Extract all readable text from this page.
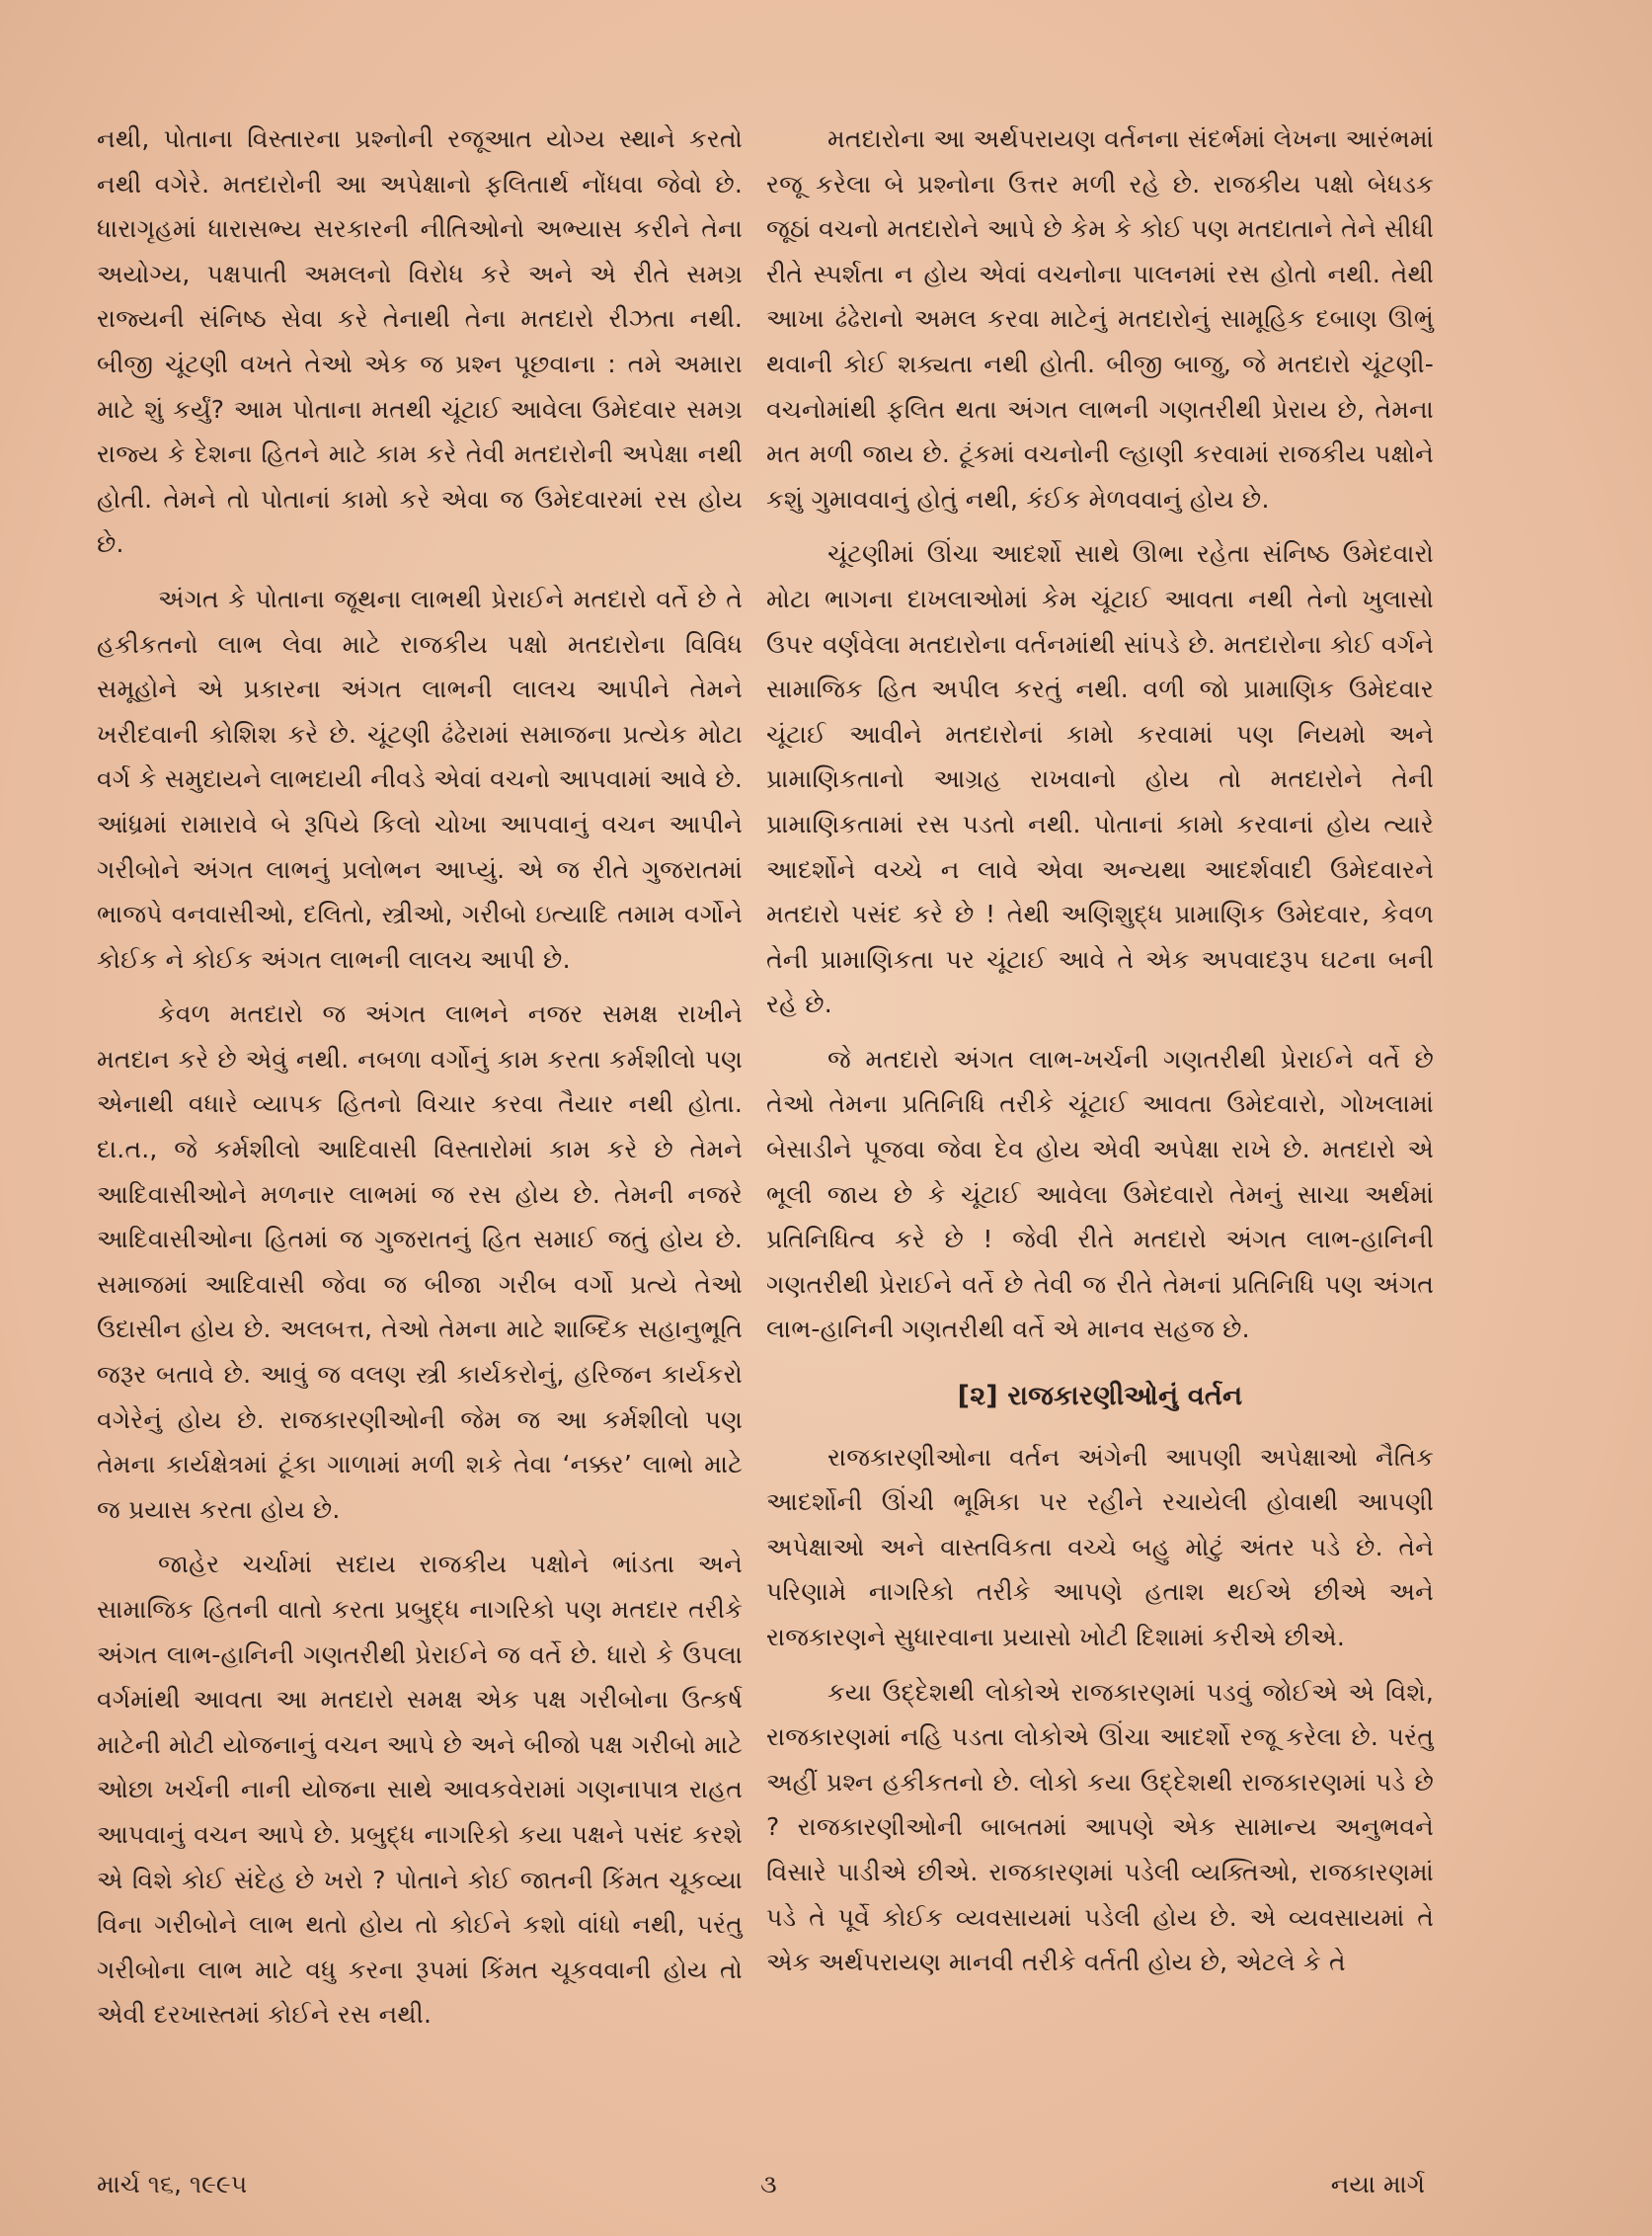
નથી, પોતાના વિસ્તારના પ્રશ્નોની રજૂઆત યોગ્ય સ્થાને કરતો નથી વગેરે. મતદારોની આ અપેક્ષાનો ફલિતાર્થ નોંધવા જેવો છે. ધારાગૃહમાં ધારાસભ્ય સરકારની નીતિઓનો અભ્યાસ કરીને તેના અયોગ્ય, પક્ષપાતી અમલનો વિરોધ કરે અને એ રીતે સમગ્ર રાજ્યની સંનિષ્ઠ સેવા કરે તેનાથી તેના મતદારો રીઝતા નથી. બીજી ચૂંટણી વખતે તેઓ એક જ પ્રશ્ન પૂછવાના : તમે અમારા માટે શું કર્યું? આમ પોતાના મતથી ચૂંટાઈ આવેલા ઉમેદવાર સમગ્ર રાજ્ય કે દેશના હિતને માટે કામ કરે તેવી મતદારોની અપેક્ષા નથી હોતી. તેમને તો પોતાનાં કામો કરે એવા જ ઉમેદવારમાં રસ હોય છે.

અંગત કે પોતાના જૂથના લાભથી પ્રેરાઈને મતદારો વર્તે છે તે હકીકતનો લાભ લેવા માટે રાજકીય પક્ષો મતદારોના વિવિધ સમૂહોને એ પ્રકારના અંગત લાભની લાલચ આપીને તેમને ખરીદવાની કોશિશ કરે છે. ચૂંટણી ઢંઢેરામાં સમાજના પ્રત્યેક મોટા વર્ગ કે સમુદાયને લાભદાયી નીવડે એવાં વચનો આપવામાં આવે છે. આંધ્રમાં રામારાવે બે રૂપિયે કિલો ચોખા આપવાનું વચન આપીને ગરીબોને અંગત લાભનું પ્રલોભન આપ્યું. એ જ રીતે ગુજરાતમાં ભાજપે વનવાસીઓ, દલિતો, સ્ત્રીઓ, ગરીબો ઇત્યાદિ તમામ વર્ગોને કોઈક ને કોઈક અંગત લાભની લાલચ આપી છે.

કેવળ મતદારો જ અંગત લાભને નજર સમક્ષ રાખીને મતદાન કરે છે એવું નથી. નબળા વર્ગોનું કામ કરતા કર્મશીલો પણ એનાથી વધારે વ્યાપક હિતનો વિચાર કરવા તૈયાર નથી હોતા. દા.ત., જે કર્મશીલો આદિવાસી વિસ્તારોમાં કામ કરે છે તેમને આદિવાસીઓને મળનાર લાભમાં જ રસ હોય છે. તેમની નજરે આદિવાસીઓના હિતમાં જ ગુજરાતનું હિત સમાઈ જતું હોય છે. સમાજમાં આદિવાસી જેવા જ બીજા ગરીબ વર્ગો પ્રત્યે તેઓ ઉદાસીન હોય છે. અલબત્ત, તેઓ તેમના માટે શાબ્દિક સહાનુભૂતિ જરૂર બતાવે છે. આવું જ વલણ સ્ત્રી કાર્યકરોનું, હરિજન કાર્યકરો વગેરેનું હોય છે. રાજકારણીઓની જેમ જ આ કર્મશીલો પણ તેમના કાર્યક્ષેત્રમાં ટૂંકા ગાળામાં મળી શકે તેવા ‘નક્કર’ લાભો માટે જ પ્રયાસ કરતા હોય છે.

જાહેર ચર્ચામાં સદાય રાજકીય પક્ષોને ભાંડતા અને સામાજિક હિતની વાતો કરતા પ્રબુદ્ધ નાગરિકો પણ મતદાર તરીકે અંગત લાભ-હાનિની ગણતરીથી પ્રેરાઈને જ વર્તે છે. ધારો કે ઉપલા વર્ગમાંથી આવતા આ મતદારો સમક્ષ એક પક્ષ ગરીબોના ઉત્કર્ષ માટેની મોટી યોજનાનું વચન આપે છે અને બીજો પક્ષ ગરીબો માટે ઓછા ખર્ચની નાની યોજના સાથે આવકવેરામાં ગણનાપાત્ર રાહત આપવાનું વચન આપે છે. પ્રબુદ્ધ નાગરિકો કયા પક્ષને પસંદ કરશે એ વિશે કોઈ સંદેહ છે ખરો ? પોતાને કોઈ જાતની કિંમત ચૂકવ્યા વિના ગરીબોને લાભ થતો હોય તો કોઈને કશો વાંધો નથી, પરંતુ ગરીબોના લાભ માટે વધુ કરના રૂપમાં કિંમત ચૂકવવાની હોય તો એવી દરખાસ્તમાં કોઈને રસ નથી.

મતદારોના આ અર્થપરાયણ વર્તનના સંદર્ભમાં લેખના આરંભમાં રજૂ કરેલા બે પ્રશ્નોના ઉત્તર મળી રહે છે. રાજકીય પક્ષો બેધડક જૂઠાં વચનો મતદારોને આપે છે કેમ કે કોઈ પણ મતદાતાને તેને સીધી રીતે સ્પર્શતા ન હોય એવાં વચનોના પાલનમાં રસ હોતો નથી. તેથી આખા ઢંઢેરાનો અમલ કરવા માટેનું મતદારોનું સામૂહિક દબાણ ઊભું થવાની કોઈ શક્યતા નથી હોતી. બીજી બાજુ, જે મતદારો ચૂંટણી-વચનોમાંથી ફલિત થતા અંગત લાભની ગણતરીથી પ્રેરાય છે, તેમના મત મળી જાય છે. ટૂંકમાં વચનોની લ્હાણી કરવામાં રાજકીય પક્ષોને કશું ગુમાવવાનું હોતું નથી, કંઈક મેળવવાનું હોય છે.

ચૂંટણીમાં ઊંચા આદર્શો સાથે ઊભા રહેતા સંનિષ્ઠ ઉમેદવારો મોટા ભાગના દાખલાઓમાં કેમ ચૂંટાઈ આવતા નથી તેનો ખુલાસો ઉપર વર્ણવેલા મતદારોના વર્તનમાંથી સાંપડે છે. મતદારોના કોઈ વર્ગને સામાજિક હિત અપીલ કરતું નથી. વળી જો પ્રામાણિક ઉમેદવાર ચૂંટાઈ આવીને મતદારોનાં કામો કરવામાં પણ નિયમો અને પ્રામાણિકતાનો આગ્રહ રાખવાનો હોય તો મતદારોને તેની પ્રામાણિકતામાં રસ પડતો નથી. પોતાનાં કામો કરવાનાં હોય ત્યારે આદર્શોને વચ્ચે ન લાવે એવા અન્યથા આદર્શવાદી ઉમેદવારને મતદારો પસંદ કરે છે ! તેથી અણિશુદ્ધ પ્રામાણિક ઉમેદવાર, કેવળ તેની પ્રામાણિકતા પર ચૂંટાઈ આવે તે એક અપવાદરૂપ ઘટના બની રહે છે.

જે મતદારો અંગત લાભ-ખર્ચની ગણતરીથી પ્રેરાઈને વર્તે છે તેઓ તેમના પ્રતિનિધિ તરીકે ચૂંટાઈ આવતા ઉમેદવારો, ગોખલામાં બેસાડીને પૂજવા જેવા દેવ હોય એવી અપેક્ષા રાખે છે. મતદારો એ ભૂલી જાય છે કે ચૂંટાઈ આવેલા ઉમેદવારો તેમનું સાચા અર્થમાં પ્રતિનિધિત્વ કરે છે ! જેવી રીતે મતદારો અંગત લાભ-હાનિની ગણતરીથી પ્રેરાઈને વર્તે છે તેવી જ રીતે તેમનાં પ્રતિનિધિ પણ અંગત લાભ-હાનિની ગણતરીથી વર્તે એ માનવ સહજ છે.

[૨] રાજકારણીઓનું વર્તન

રાજકારણીઓના વર્તન અંગેની આપણી અપેક્ષાઓ નૈતિક આદર્શોની ઊંચી ભૂમિકા પર રહીને રચાયેલી હોવાથી આપણી અપેક્ષાઓ અને વાસ્તવિકતા વચ્ચે બહુ મોટું અંતર પડે છે. તેને પરિણામે નાગરિકો તરીકે આપણે હતાશ થઈએ છીએ અને રાજકારણને સુધારવાના પ્રયાસો ખોટી દિશામાં કરીએ છીએ.

કયા ઉદ્દેશથી લોકોએ રાજકારણમાં પડવું જોઈએ એ વિશે, રાજકારણમાં નહિ પડતા લોકોએ ઊંચા આદર્શો રજૂ કરેલા છે. પરંતુ અહીં પ્રશ્ન હકીકતનો છે. લોકો કયા ઉદ્દેશથી રાજકારણમાં પડે છે ? રાજકારણીઓની બાબતમાં આપણે એક સામાન્ય અનુભવને વિસારે પાડીએ છીએ. રાજકારણમાં પડેલી વ્યક્તિઓ, રાજકારણમાં પડે તે પૂર્વે કોઈક વ્યવસાયમાં પડેલી હોય છે. એ વ્યવસાયમાં તે એક અર્થપરાયણ માનવી તરીકે વર્તતી હોય છે, એટલે કે તે

માર્ચ ૧૬, ૧૯૯૫	૩	નયા માર્ગ
